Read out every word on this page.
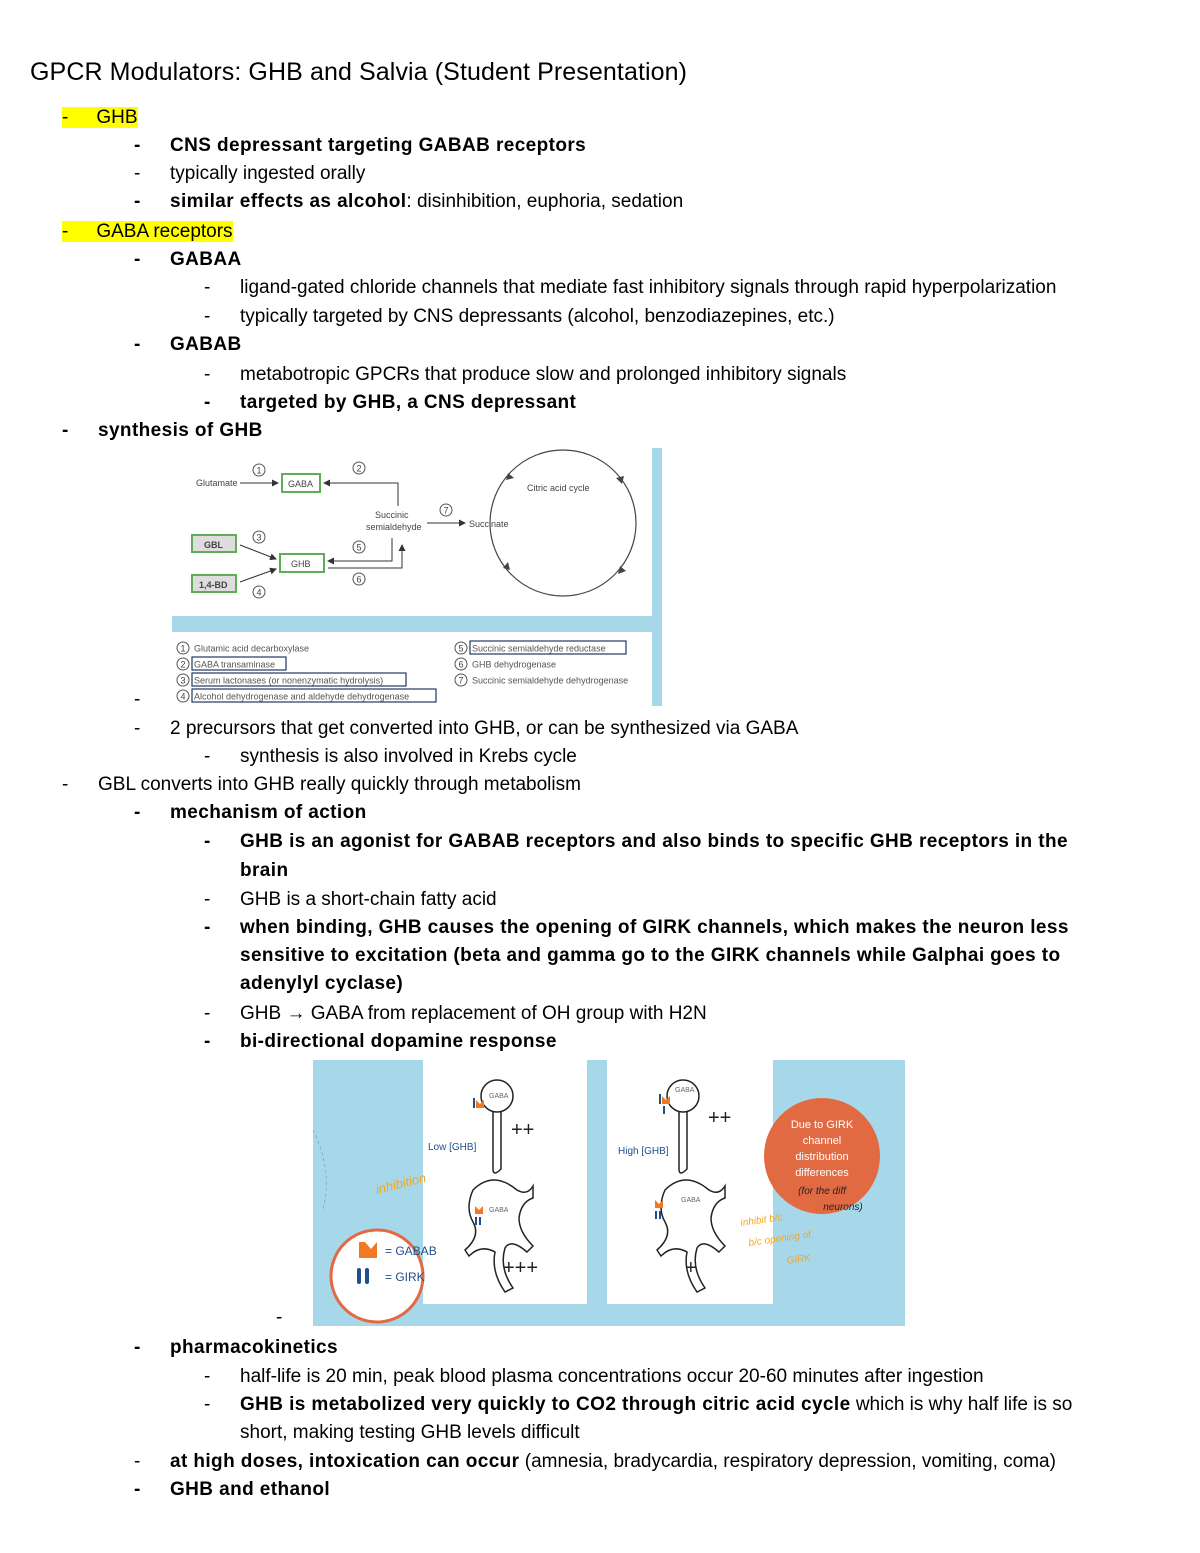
GPCR Modulators: GHB and Salvia (Student Presentation)
- GHB
- CNS depressant targeting GABAB receptors
- typically ingested orally
- similar effects as alcohol: disinhibition, euphoria, sedation
- GABA receptors
- GABAA
- ligand-gated chloride channels that mediate fast inhibitory signals through rapid hyperpolarization
- typically targeted by CNS depressants (alcohol, benzodiazepines, etc.)
- GABAB
- metabotropic GPCRs that produce slow and prolonged inhibitory signals
- targeted by GHB, a CNS depressant
- synthesis of GHB
Glutamate
1
GABA
2
Succinic
semialdehyde
7
Succinate
Citric acid cycle
GBL
1,4-BD
GHB
3
4
5
6
1 Glutamic acid decarboxylase
2 GABA transaminase
3 Serum lactonases (or nonenzymatic hydrolysis)
4 Alcohol dehydrogenase and aldehyde dehydrogenase
5 Succinic semialdehyde reductase
6 GHB dehydrogenase
7 Succinic semialdehyde dehydrogenase
-
- 2 precursors that get converted into GHB, or can be synthesized via GABA
- synthesis is also involved in Krebs cycle
- GBL converts into GHB really quickly through metabolism
- mechanism of action
- GHB is an agonist for GABAB receptors and also binds to specific GHB receptors in the
brain
- GHB is a short-chain fatty acid
- when binding, GHB causes the opening of GIRK channels, which makes the neuron less
sensitive to excitation (beta and gamma go to the GIRK channels while Galphai goes to
adenylyl cyclase)
- GHB → GABA from replacement of OH group with H2N
- bi-directional dopamine response
= GABAB
= GIRK
GABA
Low [GHB]
++
GABA
+++
inhibition
GABA
High [GHB]
++
GABA
+
Due to GIRK
channel
distribution
differences
(for the diff
neurons)
inhibit b/c
b/c opening of
GIRK
-
- pharmacokinetics
- half-life is 20 min, peak blood plasma concentrations occur 20-60 minutes after ingestion
- GHB is metabolized very quickly to CO2 through citric acid cycle which is why half life is so
short, making testing GHB levels difficult
- at high doses, intoxication can occur (amnesia, bradycardia, respiratory depression, vomiting, coma)
- GHB and ethanol
